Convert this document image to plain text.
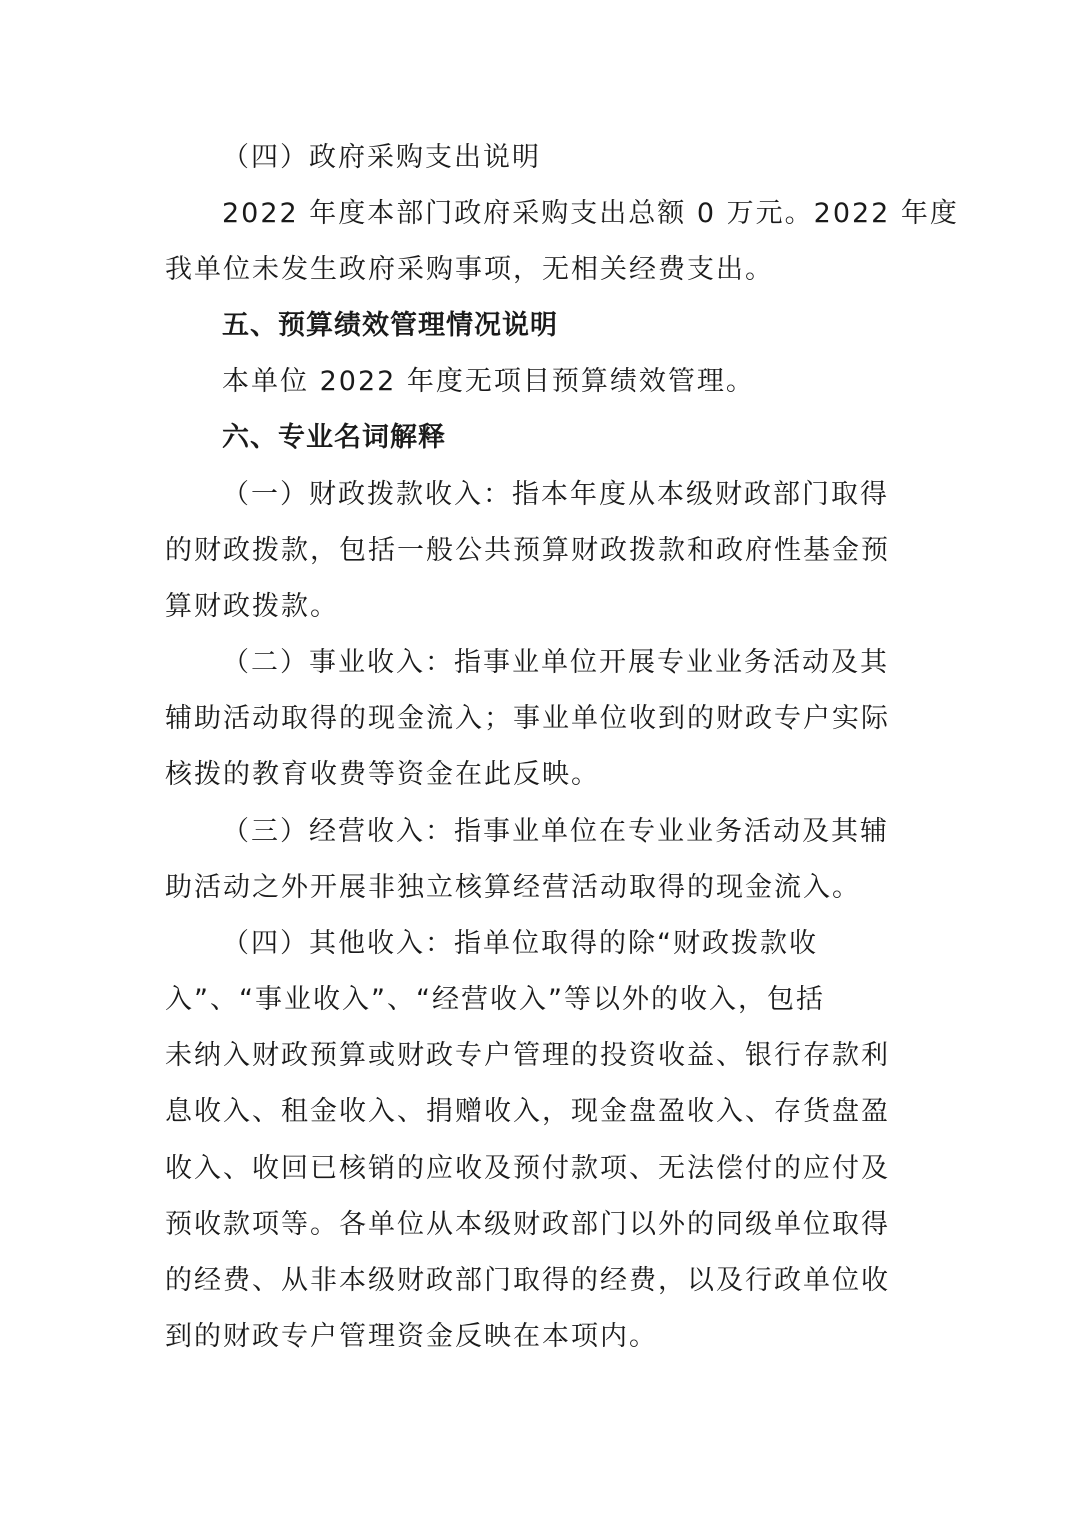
（四）政府采购支出说明
2022 年度本部门政府采购支出总额 0 万元。2022 年度
我单位未发生政府采购事项，无相关经费支出。
五、预算绩效管理情况说明
本单位 2022 年度无项目预算绩效管理。
六、专业名词解释
（一）财政拨款收入：指本年度从本级财政部门取得
的财政拨款，包括一般公共预算财政拨款和政府性基金预
算财政拨款。
（二）事业收入：指事业单位开展专业业务活动及其
辅助活动取得的现金流入；事业单位收到的财政专户实际
核拨的教育收费等资金在此反映。
（三）经营收入：指事业单位在专业业务活动及其辅
助活动之外开展非独立核算经营活动取得的现金流入。
（四）其他收入：指单位取得的除“财政拨款收
入”、“事业收入”、“经营收入”等以外的收入，包括
未纳入财政预算或财政专户管理的投资收益、银行存款利
息收入、租金收入、捐赠收入，现金盘盈收入、存货盘盈
收入、收回已核销的应收及预付款项、无法偿付的应付及
预收款项等。各单位从本级财政部门以外的同级单位取得
的经费、从非本级财政部门取得的经费，以及行政单位收
到的财政专户管理资金反映在本项内。
